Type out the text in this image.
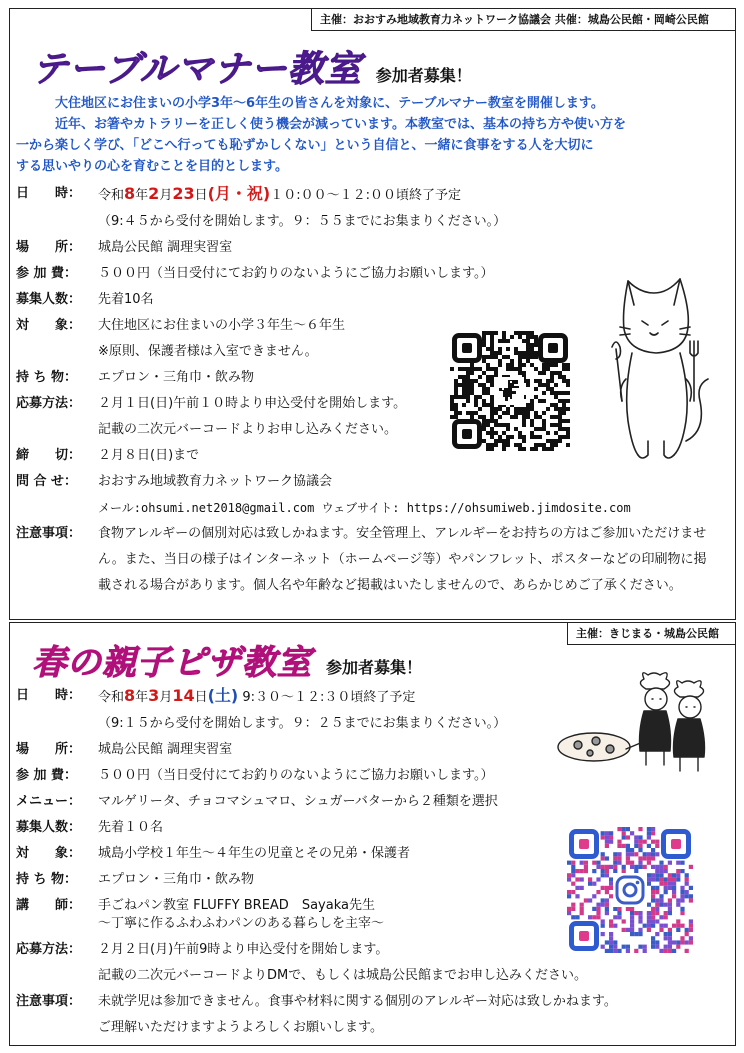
主催：おおすみ地域教育力ネットワーク協議会 共催：城島公民館・岡崎公民館
テーブルマナー教室 参加者募集！

大住地区にお住まいの小学3年〜6年生の皆さんを対象に、テーブルマナー教室を開催します。

近年、お箸やカトラリーを正しく使う機会が減っています。本教室では、基本の持ち方や使い方を

一から楽しく学び、「どこへ行っても恥ずかしくない」という自信と、一緒に食事をする人を大切に

する思いやりの心を育むことを目的とします。

日　　時：	令和8年2月23日(月・祝)１０:００〜１２:００頃終了予定
（9:４５から受付を開始します。９：５５までにお集まりください。）
場　　所：	城島公民館 調理実習室
参 加 費：	５００円（当日受付にてお釣りのないようにご協力お願いします。）
募集人数：	先着10名
対　　象：	大住地区にお住まいの小学３年生〜６年生
※原則、保護者様は入室できません。
持 ち 物：	エプロン・三角巾・飲み物
応募方法：	２月１日(日)午前１０時より申込受付を開始します。
記載の二次元バーコードよりお申し込みください。
締　　切：	２月８日(日)まで
問 合 せ：	おおすみ地域教育力ネットワーク協議会
メール:ohsumi.net2018@gmail.com ウェブサイト: https://ohsumiweb.jimdosite.com
注意事項：	食物アレルギーの個別対応は致しかねます。安全管理上、アレルギーをお持ちの方はご参加いただけません。また、当日の様子はインターネット（ホームページ等）やパンフレット、ポスターなどの印刷物に掲載される場合があります。個人名や年齢など掲載はいたしませんので、あらかじめご了承ください。
主催：きじまる・城島公民館
春の親子ピザ教室 参加者募集！
日　　時：	令和8年3月14日(土) 9:３０〜１２:３０頃終了予定
（9:１５から受付を開始します。９：２５までにお集まりください。）
場　　所：	城島公民館 調理実習室
参 加 費：	５００円（当日受付にてお釣りのないようにご協力お願いします。）
メニュー：	マルゲリータ、チョコマシュマロ、シュガーバターから２種類を選択
募集人数：	先着１０名
対　　象：	城島小学校１年生〜４年生の児童とその兄弟・保護者
持 ち 物：	エプロン・三角巾・飲み物
講　　師：	手ごねパン教室 FLUFFY BREAD　Sayaka先生
〜丁寧に作るふわふわパンのある暮らしを主宰〜
応募方法：	２月２日(月)午前9時より申込受付を開始します。
記載の二次元バーコードよりDMで、もしくは城島公民館までお申し込みください。
注意事項：	未就学児は参加できません。食事や材料に関する個別のアレルギー対応は致しかねます。
ご理解いただけますようよろしくお願いします。
